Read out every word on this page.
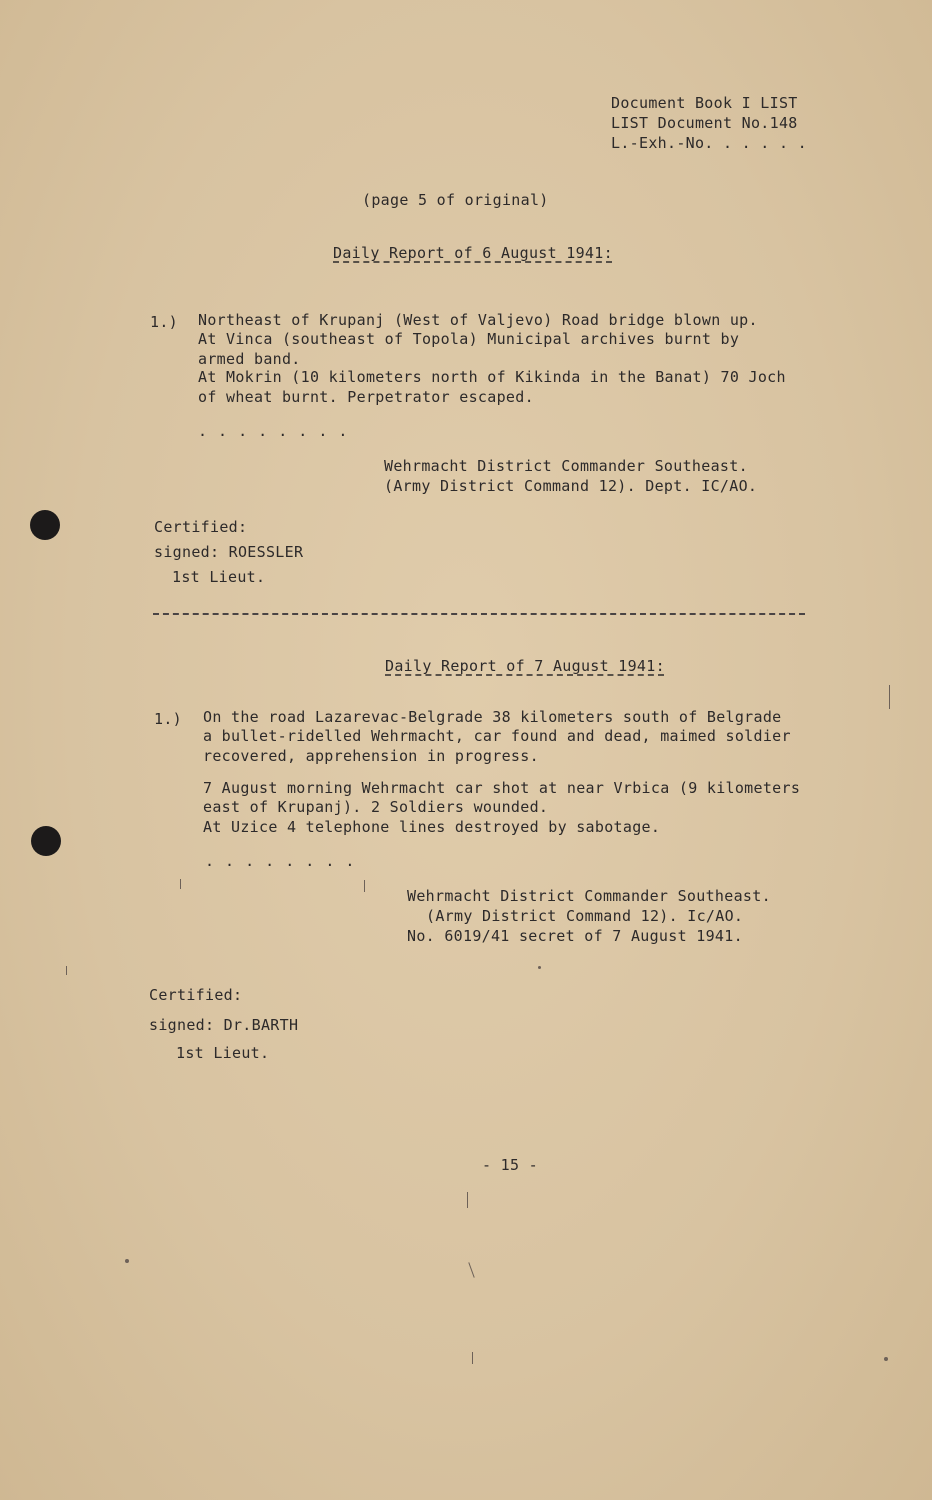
Document Book I LIST
LIST Document No.148
L.-Exh.-No. . . . . .
(page 5 of original)
Daily Report of 6 August 1941:
1.) Northeast of Krupanj (West of Valjevo) Road bridge blown up.
At Vinca (southeast of Topola) Municipal archives burnt by
armed band.
At Mokrin (10 kilometers north of Kikinda in the Banat) 70 Joch
of wheat burnt. Perpetrator escaped.
. . . . . . . .
Wehrmacht District Commander Southeast.
(Army District Command 12). Dept. IC/AO.
Certified:
signed: ROESSLER
1st Lieut.
Daily Report of 7 August 1941:
1.) On the road Lazarevac-Belgrade 38 kilometers south of Belgrade
a bullet-ridelled Wehrmacht, car found and dead, maimed soldier
recovered, apprehension in progress.
7 August morning Wehrmacht car shot at near Vrbica (9 kilometers
east of Krupanj). 2 Soldiers wounded.
At Uzice 4 telephone lines destroyed by sabotage.
. . . . . . . .
Wehrmacht District Commander Southeast.
(Army District Command 12). Ic/AO.
No. 6019/41 secret of 7 August 1941.
Certified:
signed: Dr.BARTH
1st Lieut.
- 15 -
